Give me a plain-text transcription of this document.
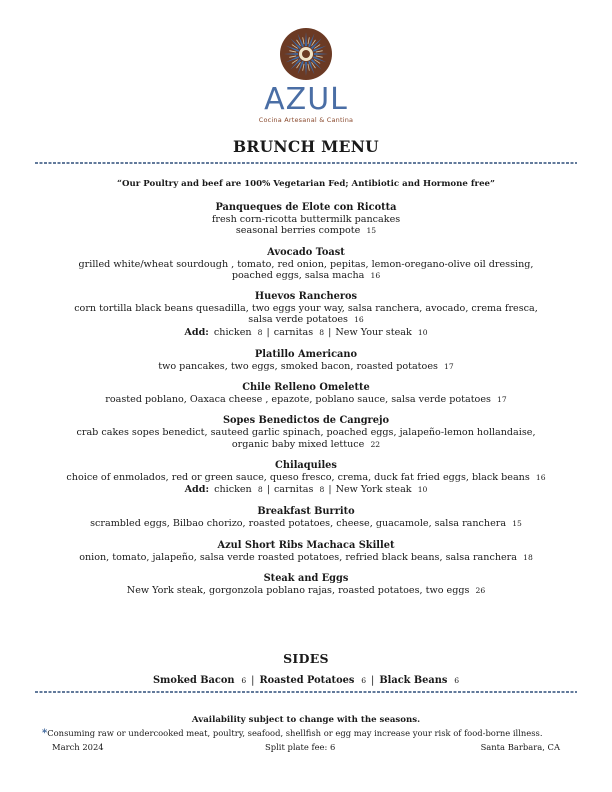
AZUL
Cocina Artesanal & Cantina
BRUNCH MENU
“Our Poultry and beef are 100% Vegetarian Fed; Antibiotic and Hormone free”
Panqueques de Elote con Ricotta
fresh corn-ricotta buttermilk pancakes
seasonal berries compote 15
Avocado Toast
grilled white/wheat sourdough , tomato, red onion, pepitas, lemon-oregano-olive oil dressing,
poached eggs, salsa macha 16
Huevos Rancheros
corn tortilla black beans quesadilla, two eggs your way, salsa ranchera, avocado, crema fresca,
salsa verde potatoes 16
Add: chicken 8 | carnitas 8 | New Your steak 10
Platillo Americano
two pancakes, two eggs, smoked bacon, roasted potatoes 17
Chile Relleno Omelette
roasted poblano, Oaxaca cheese , epazote, poblano sauce, salsa verde potatoes 17
Sopes Benedictos de Cangrejo
crab cakes sopes benedict, sauteed garlic spinach, poached eggs, jalapeño-lemon hollandaise,
organic baby mixed lettuce 22
Chilaquiles
choice of enmolados, red or green sauce, queso fresco, crema, duck fat fried eggs, black beans 16
Add: chicken 8 | carnitas 8 | New York steak 10
Breakfast Burrito
scrambled eggs, Bilbao chorizo, roasted potatoes, cheese, guacamole, salsa ranchera 15
Azul Short Ribs Machaca Skillet
onion, tomato, jalapeño, salsa verde roasted potatoes, refried black beans, salsa ranchera 18
Steak and Eggs
New York steak, gorgonzola poblano rajas, roasted potatoes, two eggs 26
SIDES
Smoked Bacon 6 | Roasted Potatoes 6 | Black Beans 6
Availability subject to change with the seasons.
*Consuming raw or undercooked meat, poultry, seafood, shellfish or egg may increase your risk of food-borne illness.
March 2024	Split plate fee: 6	Santa Barbara, CA
